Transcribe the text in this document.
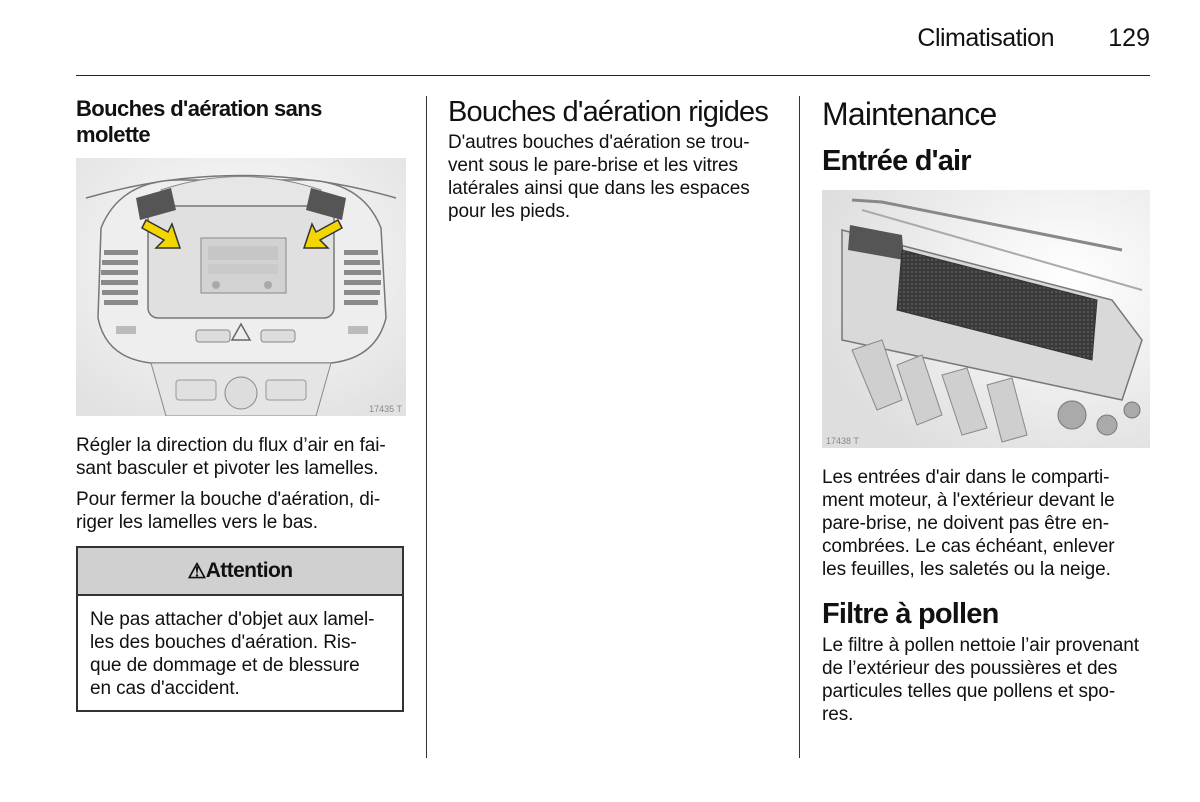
Climatisation 129

Bouches d'aération sans
molette

17435 T

Régler la direction du flux d’air en fai-
sant basculer et pivoter les lamelles.

Pour fermer la bouche d'aération, di-
riger les lamelles vers le bas.

⚠ Attention

Ne pas attacher d'objet aux lamel-
les des bouches d'aération. Ris-
que de dommage et de blessure
en cas d'accident.

Bouches d'aération rigides

D'autres bouches d'aération se trou-
vent sous le pare-brise et les vitres
latérales ainsi que dans les espaces
pour les pieds.

Maintenance

Entrée d'air

17438 T

Les entrées d'air dans le comparti-
ment moteur, à l'extérieur devant le
pare-brise, ne doivent pas être en-
combrées. Le cas échéant, enlever
les feuilles, les saletés ou la neige.

Filtre à pollen

Le filtre à pollen nettoie l’air provenant
de l’extérieur des poussières et des
particules telles que pollens et spo-
res.
